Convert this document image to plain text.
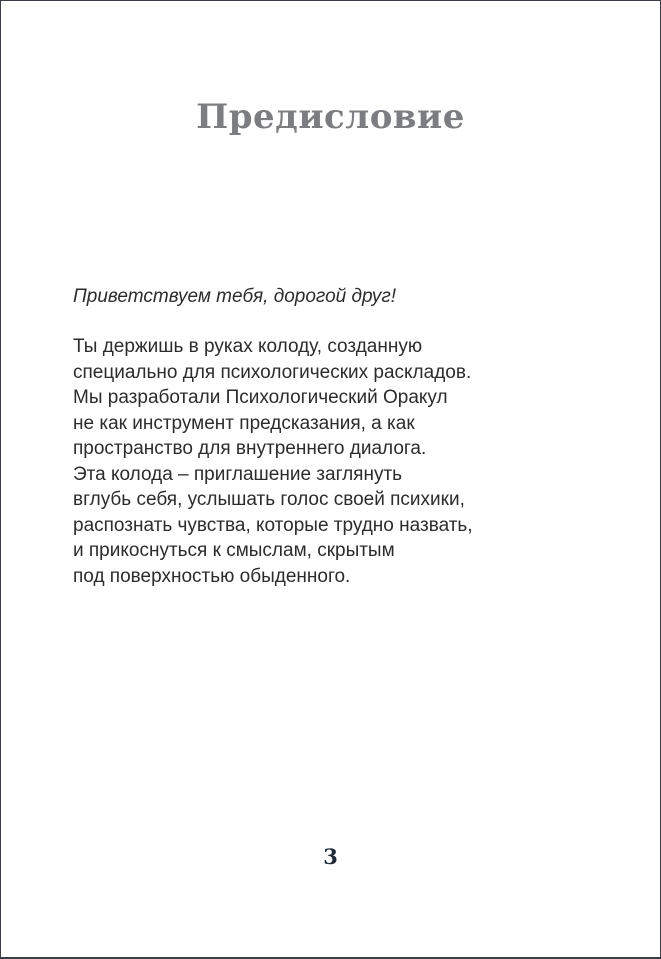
Предисловие

Приветствуем тебя, дорогой друг!

Ты держишь в руках колоду, созданную
специально для психологических раскладов.
Мы разработали Психологический Оракул
не как инструмент предсказания, а как
пространство для внутреннего диалога.
Эта колода – приглашение заглянуть
вглубь себя, услышать голос своей психики,
распознать чувства, которые трудно назвать,
и прикоснуться к смыслам, скрытым
под поверхностью обыденного.
3
